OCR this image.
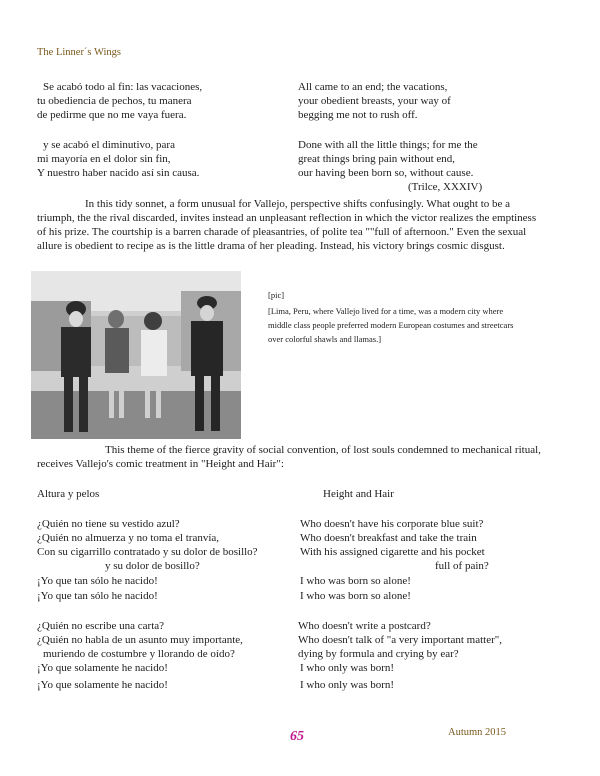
The Linner´s Wings
Se acabó todo al fin: las vacaciones,
tu obediencia de pechos, tu manera
de pedirme que no me vaya fuera.
All came to an end; the vacations,
your obedient breasts, your way of
begging me not to rush off.
y se acabó el diminutivo, para
mi mayoría en el dolor sin fin,
Y nuestro haber nacido así sin causa.
Done with all the little things; for me the
great things bring pain without end,
our having been born so, without cause.
(Trilce, XXXIV)
In this tidy sonnet, a form unusual for Vallejo, perspective shifts confusingly. What ought to be a
triumph, the the rival discarded, invites instead an unpleasant reflection in which the victor realizes the emptiness
of his prize. The courtship is a barren charade of pleasantries, of polite tea ""full of afternoon." Even the sexual
allure is obedient to recipe as is the little drama of her pleading. Instead, his victory brings cosmic disgust.
[pic]
[Lima, Peru, where Vallejo lived for a time, was a modern city where
middle class people preferred modern European costumes and streetcars
over colorful shawls and llamas.]
This theme of the fierce gravity of social convention, of lost souls condemned to mechanical ritual,
receives Vallejo's comic treatment in "Height and Hair":
Altura y pelos	Height and Hair
¿Quién no tiene su vestido azul?
¿Quién no almuerza y no toma el tranvía,
Con su cigarrillo contratado y su dolor de bosillo?
y su dolor de bosillo?
¡Yo que tan sólo he nacido!
¡Yo que tan sólo he nacido!
Who doesn't have his corporate blue suit?
Who doesn't breakfast and take the train
With his assigned cigarette and his pocket
full of pain?
I who was born so alone!
I who was born so alone!
¿Quién no escribe una carta?
¿Quién no habla de un asunto muy importante,
muriendo de costumbre y llorando de oído?
¡Yo que solamente he nacido!
¡Yo que solamente he nacido!
Who doesn't write a postcard?
Who doesn't talk of "a very important matter",
dying by formula and crying by ear?
I who only was born!
I who only was born!
65	Autumn 2015
